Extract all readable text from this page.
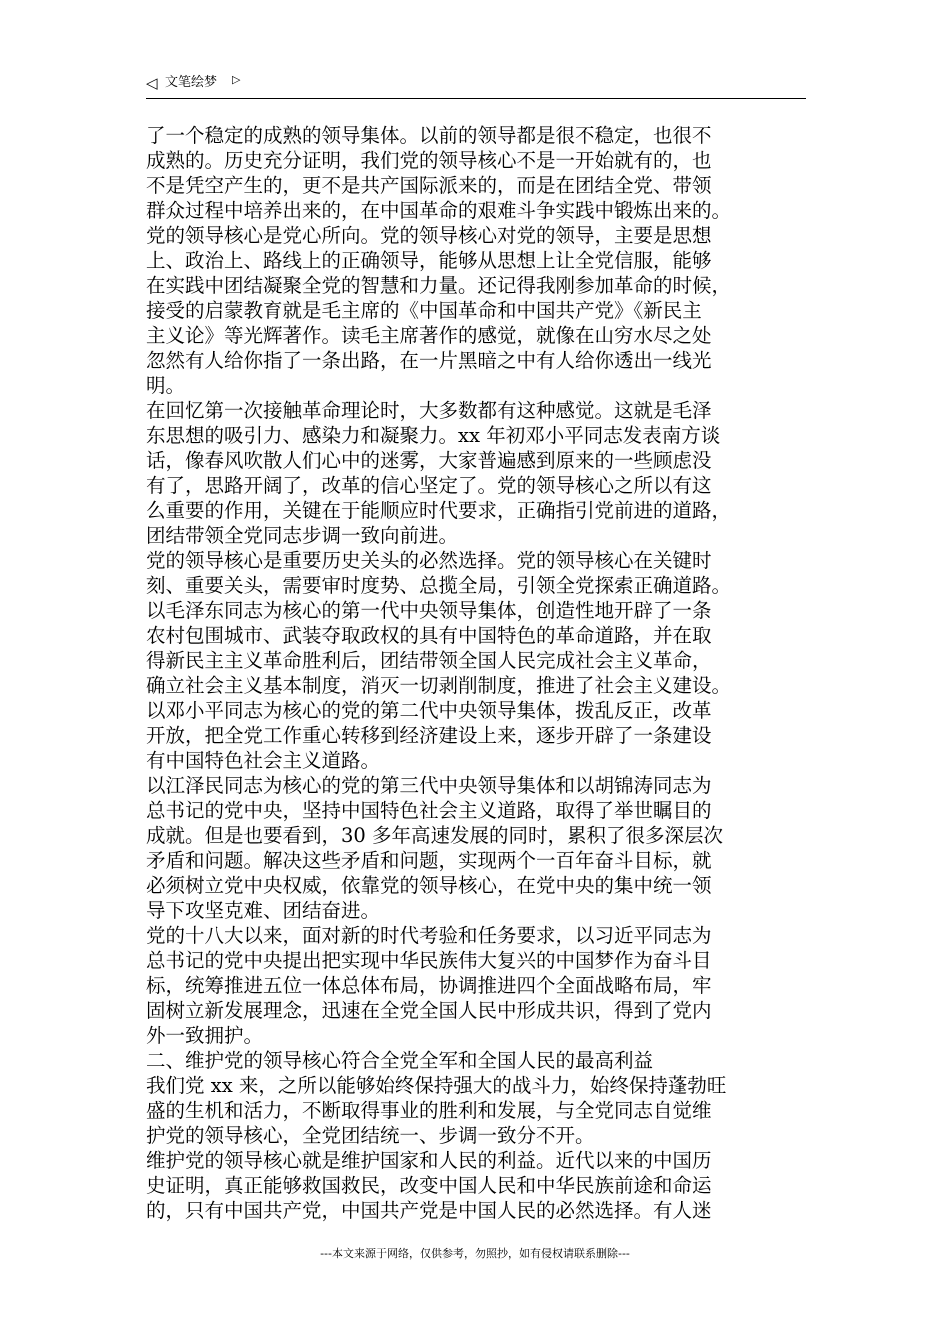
◁ 文笔绘梦 ▷
了一个稳定的成熟的领导集体。以前的领导都是很不稳定，也很不
成熟的。历史充分证明，我们党的领导核心不是一开始就有的，也
不是凭空产生的，更不是共产国际派来的，而是在团结全党、带领
群众过程中培养出来的，在中国革命的艰难斗争实践中锻炼出来的。
党的领导核心是党心所向。党的领导核心对党的领导，主要是思想
上、政治上、路线上的正确领导，能够从思想上让全党信服，能够
在实践中团结凝聚全党的智慧和力量。还记得我刚参加革命的时候，
接受的启蒙教育就是毛主席的《中国革命和中国共产党》《新民主
主义论》等光辉著作。读毛主席著作的感觉，就像在山穷水尽之处
忽然有人给你指了一条出路，在一片黑暗之中有人给你透出一线光
明。
在回忆第一次接触革命理论时，大多数都有这种感觉。这就是毛泽
东思想的吸引力、感染力和凝聚力。xx 年初邓小平同志发表南方谈
话，像春风吹散人们心中的迷雾，大家普遍感到原来的一些顾虑没
有了，思路开阔了，改革的信心坚定了。党的领导核心之所以有这
么重要的作用，关键在于能顺应时代要求，正确指引党前进的道路，
团结带领全党同志步调一致向前进。
党的领导核心是重要历史关头的必然选择。党的领导核心在关键时
刻、重要关头，需要审时度势、总揽全局，引领全党探索正确道路。
以毛泽东同志为核心的第一代中央领导集体，创造性地开辟了一条
农村包围城市、武装夺取政权的具有中国特色的革命道路，并在取
得新民主主义革命胜利后，团结带领全国人民完成社会主义革命，
确立社会主义基本制度，消灭一切剥削制度，推进了社会主义建设。
以邓小平同志为核心的党的第二代中央领导集体，拨乱反正，改革
开放，把全党工作重心转移到经济建设上来，逐步开辟了一条建设
有中国特色社会主义道路。
以江泽民同志为核心的党的第三代中央领导集体和以胡锦涛同志为
总书记的党中央，坚持中国特色社会主义道路，取得了举世瞩目的
成就。但是也要看到，30 多年高速发展的同时，累积了很多深层次
矛盾和问题。解决这些矛盾和问题，实现两个一百年奋斗目标，就
必须树立党中央权威，依靠党的领导核心，在党中央的集中统一领
导下攻坚克难、团结奋进。
党的十八大以来，面对新的时代考验和任务要求，以习近平同志为
总书记的党中央提出把实现中华民族伟大复兴的中国梦作为奋斗目
标，统筹推进五位一体总体布局，协调推进四个全面战略布局，牢
固树立新发展理念，迅速在全党全国人民中形成共识，得到了党内
外一致拥护。
二、维护党的领导核心符合全党全军和全国人民的最高利益
我们党 xx 来，之所以能够始终保持强大的战斗力，始终保持蓬勃旺
盛的生机和活力，不断取得事业的胜利和发展，与全党同志自觉维
护党的领导核心，全党团结统一、步调一致分不开。
维护党的领导核心就是维护国家和人民的利益。近代以来的中国历
史证明，真正能够救国救民，改变中国人民和中华民族前途和命运
的，只有中国共产党，中国共产党是中国人民的必然选择。有人迷
---本文来源于网络，仅供参考，勿照抄，如有侵权请联系删除---
